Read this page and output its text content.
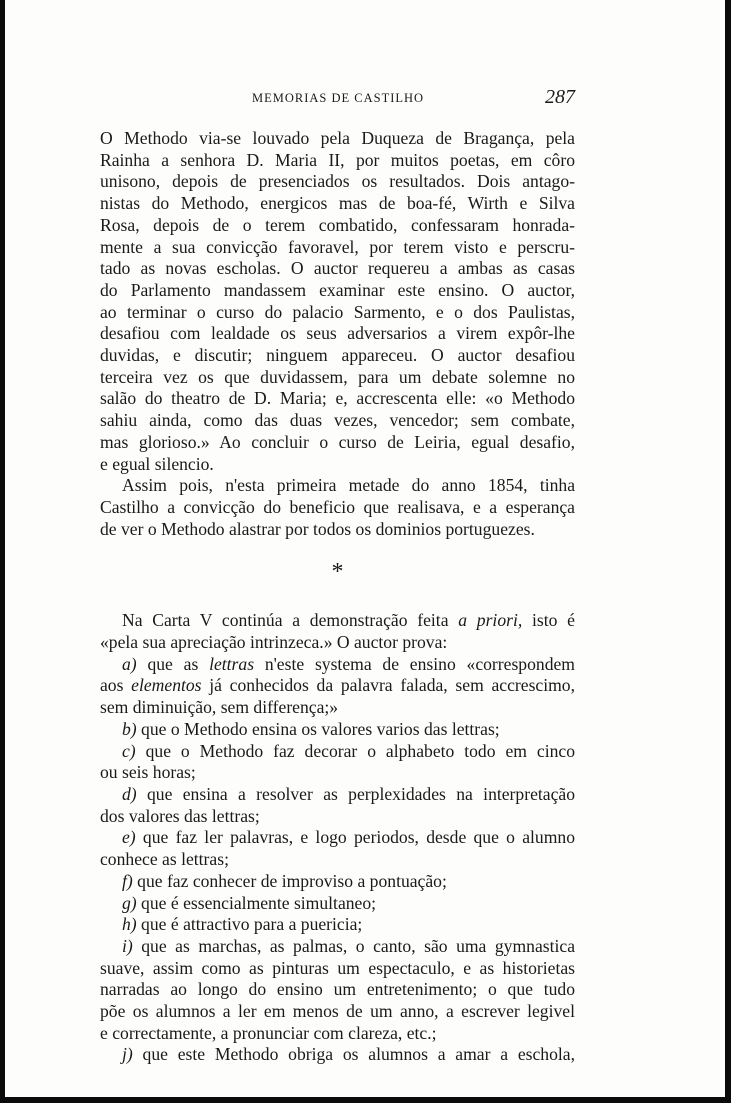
MEMORIAS DE CASTILHO	287

O Methodo via-se louvado pela Duqueza de Bragança, pela

Rainha a senhora D. Maria II, por muitos poetas, em côro

unisono, depois de presenciados os resultados. Dois antago-

nistas do Methodo, energicos mas de boa-fé, Wirth e Silva

Rosa, depois de o terem combatido, confessaram honrada-

mente a sua convicção favoravel, por terem visto e perscru-

tado as novas escholas. O auctor requereu a ambas as casas

do Parlamento mandassem examinar este ensino. O auctor,

ao terminar o curso do palacio Sarmento, e o dos Paulistas,

desafiou com lealdade os seus adversarios a virem expôr-lhe

duvidas, e discutir; ninguem appareceu. O auctor desafiou

terceira vez os que duvidassem, para um debate solemne no

salão do theatro de D. Maria; e, accrescenta elle: «o Methodo

sahiu ainda, como das duas vezes, vencedor; sem combate,

mas glorioso.» Ao concluir o curso de Leiria, egual desafio,

e egual silencio.

Assim pois, n'esta primeira metade do anno 1854, tinha

Castilho a convicção do beneficio que realisava, e a esperança

de ver o Methodo alastrar por todos os dominios portuguezes.

*

Na Carta V continúa a demonstração feita a priori, isto é

«pela sua apreciação intrinzeca.» O auctor prova:

a) que as lettras n'este systema de ensino «correspondem

aos elementos já conhecidos da palavra falada, sem accrescimo,

sem diminuição, sem differença;»

b) que o Methodo ensina os valores varios das lettras;

c) que o Methodo faz decorar o alphabeto todo em cinco

ou seis horas;

d) que ensina a resolver as perplexidades na interpretação

dos valores das lettras;

e) que faz ler palavras, e logo periodos, desde que o alumno

conhece as lettras;

f) que faz conhecer de improviso a pontuação;

g) que é essencialmente simultaneo;

h) que é attractivo para a puericia;

i) que as marchas, as palmas, o canto, são uma gymnastica

suave, assim como as pinturas um espectaculo, e as historietas

narradas ao longo do ensino um entretenimento; o que tudo

põe os alumnos a ler em menos de um anno, a escrever legivel

e correctamente, a pronunciar com clareza, etc.;

j) que este Methodo obriga os alumnos a amar a eschola,
